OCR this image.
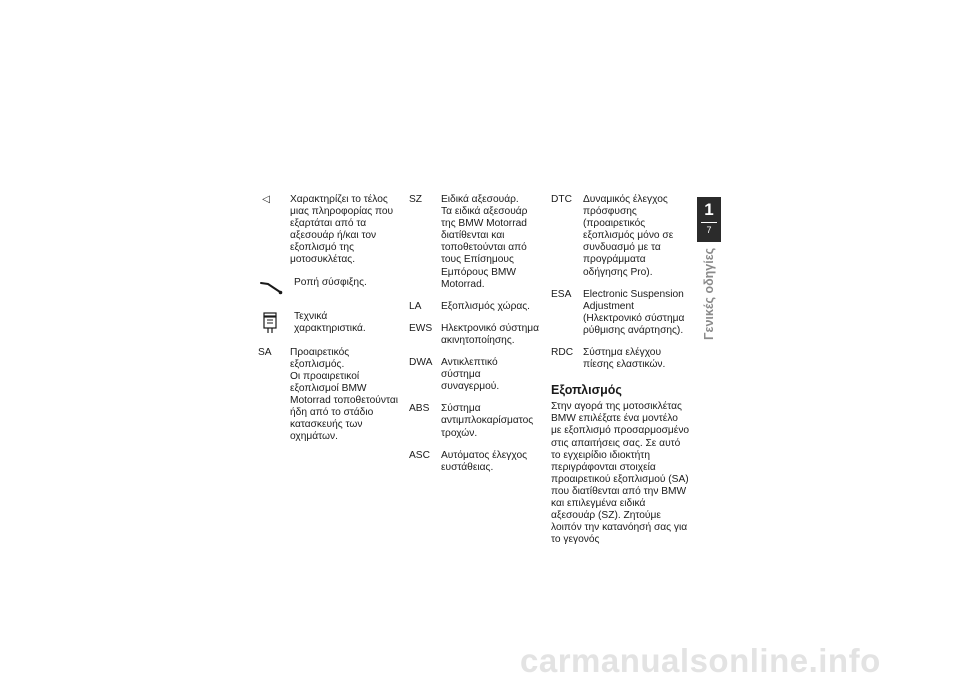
◁ Χαρακτηρίζει το τέλος μιας πληροφορίας που εξαρτάται από τα αξεσουάρ ή/και τον εξοπλισμό της μοτοσυκλέτας.
Ροπή σύσφιξης.
Τεχνικά χαρακτηριστικά.
SA Προαιρετικός εξοπλισμός.
Οι προαιρετικοί εξοπλισμοί BMW Motorrad τοποθετούνται ήδη από το στάδιο κατασκευής των οχημάτων.
SZ Ειδικά αξεσουάρ.
Τα ειδικά αξεσουάρ της BMW Motorrad διατίθενται και τοποθετούνται από τους Επίσημους Εμπόρους BMW Motorrad.
LA Εξοπλισμός χώρας.
EWS Ηλεκτρονικό σύστημα ακινητοποίησης.
DWA Αντικλεπτικό σύστημα συναγερμού.
ABS Σύστημα αντιμπλοκαρίσματος τροχών.
ASC Αυτόματος έλεγχος ευστάθειας.
DTC Δυναμικός έλεγχος πρόσφυσης (προαιρετικός εξοπλισμός μόνο σε συνδυασμό με τα προγράμματα οδήγησης Pro).
ESA Electronic Suspension Adjustment (Ηλεκτρονικό σύστημα ρύθμισης ανάρτησης).
RDC Σύστημα ελέγχου πίεσης ελαστικών.
Εξοπλισμός
Στην αγορά της μοτοσικλέτας BMW επιλέξατε ένα μοντέλο με εξοπλισμό προσαρμοσμένο στις απαιτήσεις σας. Σε αυτό το εγχειρίδιο ιδιοκτήτη περιγράφονται στοιχεία προαιρετικού εξοπλισμού (SA) που διατίθενται από την BMW και επιλεγμένα ειδικά αξεσουάρ (SZ). Ζητούμε λοιπόν την κατανόησή σας για το γεγονός
1
7
Γενικές οδηγίες
carmanualsonline.info
